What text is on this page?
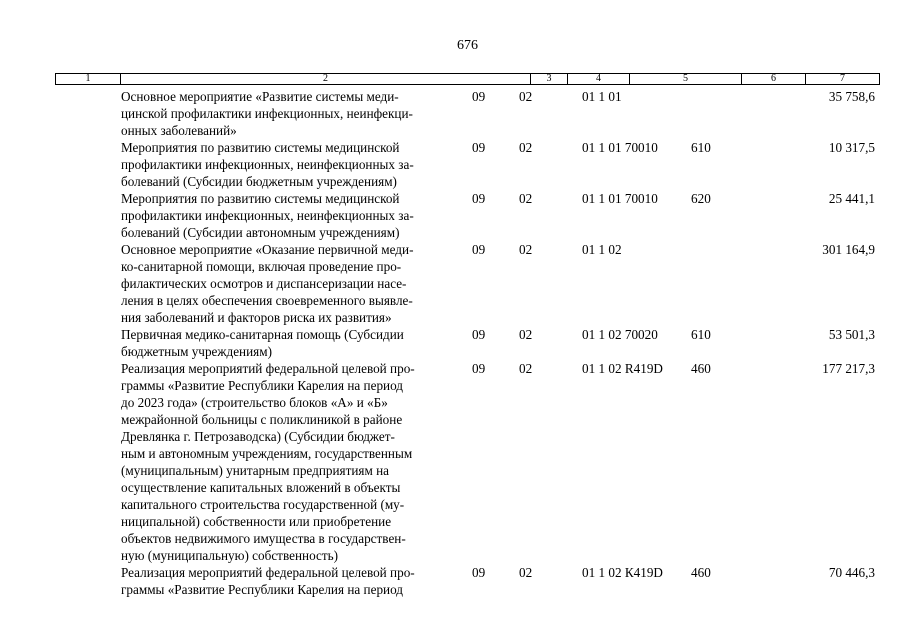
676
1	2	3	4	5	6	7
Основное мероприятие «Развитие системы меди-
цинской профилактики инфекционных, неинфекци-
онных заболеваний»
09	02	01 1 01	35 758,6
Мероприятия по развитию системы медицинской
профилактики инфекционных, неинфекционных за-
болеваний (Субсидии бюджетным учреждениям)
09	02	01 1 01 70010	610	10 317,5
Мероприятия по развитию системы медицинской
профилактики инфекционных, неинфекционных за-
болеваний (Субсидии автономным учреждениям)
09	02	01 1 01 70010	620	25 441,1
Основное мероприятие «Оказание первичной меди-
ко-санитарной помощи, включая проведение про-
филактических осмотров и диспансеризации насе-
ления в целях обеспечения своевременного выявле-
ния заболеваний и факторов риска их развития»
09	02	01 1 02	301 164,9
Первичная медико-санитарная помощь (Субсидии
бюджетным учреждениям)
09	02	01 1 02 70020	610	53 501,3
Реализация мероприятий федеральной целевой про-
граммы «Развитие Республики Карелия на период
до 2023 года» (строительство блоков «А» и «Б»
межрайонной больницы с поликлиникой в районе
Древлянка г. Петрозаводска) (Субсидии бюджет-
ным и автономным учреждениям, государственным
(муниципальным) унитарным предприятиям на
осуществление капитальных вложений в объекты
капитального строительства государственной (му-
ниципальной) собственности или приобретение
объектов недвижимого имущества в государствен-
ную (муниципальную) собственность)
09	02	01 1 02 R419D 460	177 217,3
Реализация мероприятий федеральной целевой про-
граммы «Развитие Республики Карелия на период
09	02	01 1 02 К419D 460	70 446,3
